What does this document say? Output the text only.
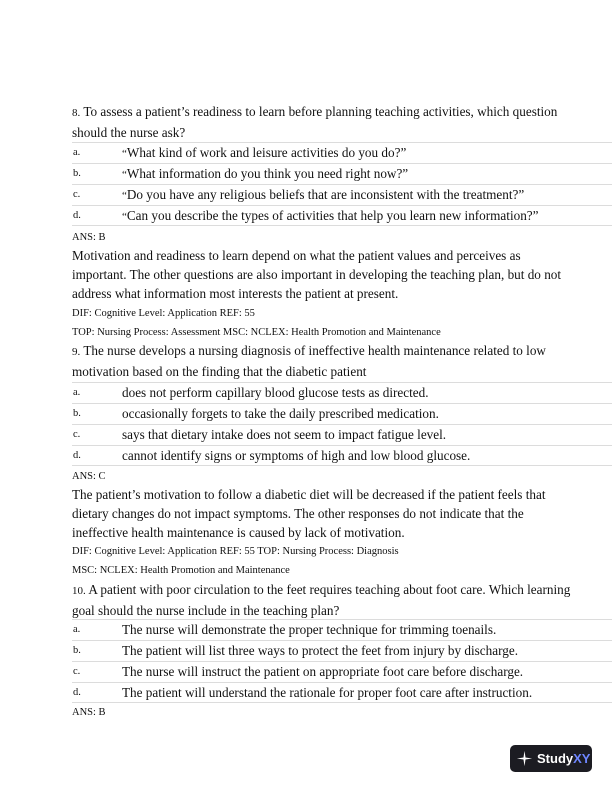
8. To assess a patient’s readiness to learn before planning teaching activities, which question should the nurse ask?

a.	“What kind of work and leisure activities do you do?”
b.	“What information do you think you need right now?”
c.	“Do you have any religious beliefs that are inconsistent with the treatment?”
d.	“Can you describe the types of activities that help you learn new information?”

ANS: B

Motivation and readiness to learn depend on what the patient values and perceives as important. The other questions are also important in developing the teaching plan, but do not address what information most interests the patient at present.

DIF: Cognitive Level: Application REF: 55

TOP: Nursing Process: Assessment MSC: NCLEX: Health Promotion and Maintenance

9. The nurse develops a nursing diagnosis of ineffective health maintenance related to low motivation based on the finding that the diabetic patient

a.	does not perform capillary blood glucose tests as directed.
b.	occasionally forgets to take the daily prescribed medication.
c.	says that dietary intake does not seem to impact fatigue level.
d.	cannot identify signs or symptoms of high and low blood glucose.

ANS: C

The patient’s motivation to follow a diabetic diet will be decreased if the patient feels that dietary changes do not impact symptoms. The other responses do not indicate that the ineffective health maintenance is caused by lack of motivation.

DIF: Cognitive Level: Application REF: 55 TOP: Nursing Process: Diagnosis

MSC: NCLEX: Health Promotion and Maintenance

10. A patient with poor circulation to the feet requires teaching about foot care. Which learning goal should the nurse include in the teaching plan?

a.	The nurse will demonstrate the proper technique for trimming toenails.
b.	The patient will list three ways to protect the feet from injury by discharge.
c.	The nurse will instruct the patient on appropriate foot care before discharge.
d.	The patient will understand the rationale for proper foot care after instruction.

ANS: B

StudyXY
